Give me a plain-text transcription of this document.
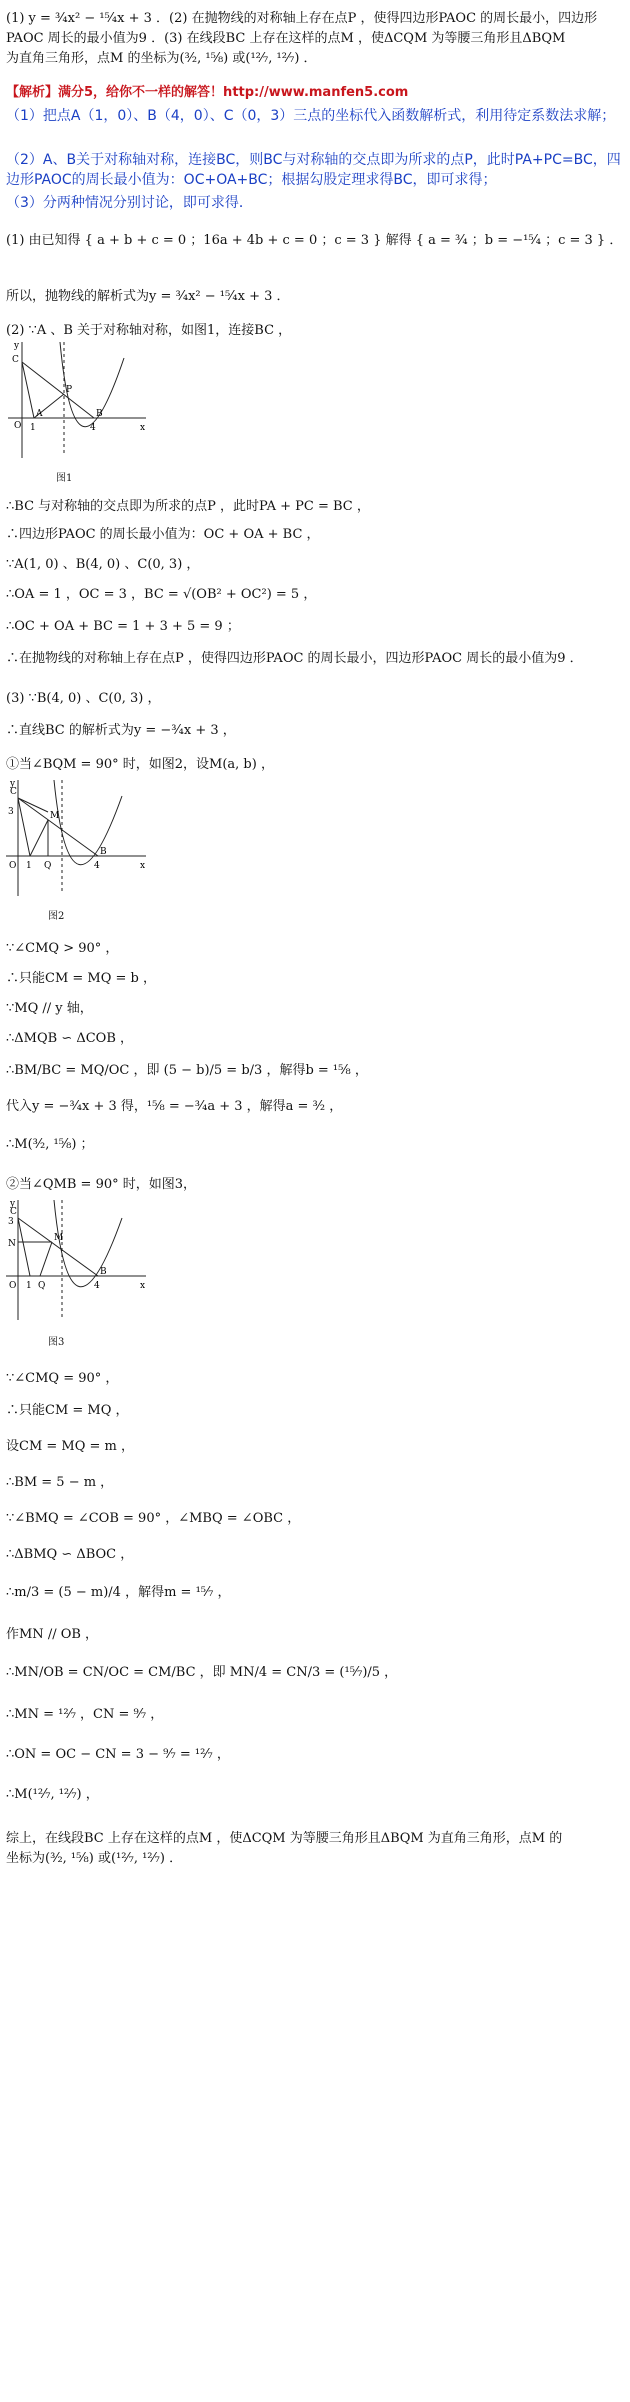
(1) y = ³⁄₄x² − ¹⁵⁄₄x + 3 ．(2) 在抛物线的对称轴上存在点P ，使得四边形PAOC 的周长最小，四边形
PAOC 周长的最小值为9 ．(3) 在线段BC 上存在这样的点M ，使ΔCQM 为等腰三角形且ΔBQM
为直角三角形，点M 的坐标为(³⁄₂, ¹⁵⁄₈) 或(¹²⁄₇, ¹²⁄₇) ．
【解析】满分5，给你不一样的解答！http://www.manfen5.com
（1）把点A（1，0）、B（4，0）、C（0，3）三点的坐标代入函数解析式，利用待定系数法求解；
（2）A、B关于对称轴对称，连接BC，则BC与对称轴的交点即为所求的点P，此时PA+PC=BC，四边形PAOC的周长最小值为：OC+OA+BC；根据勾股定理求得BC，即可求得；
（3）分两种情况分别讨论，即可求得．
(1) 由已知得 { a + b + c = 0 ；16a + 4b + c = 0 ；c = 3 } 解得 { a = ³⁄₄ ；b = −¹⁵⁄₄ ；c = 3 } ．
所以，抛物线的解析式为y = ³⁄₄x² − ¹⁵⁄₄x + 3 ．
(2) ∵A 、B 关于对称轴对称，如图1，连接BC ，
y
x
O
A
1
B
4
C
P
图1
∴BC 与对称轴的交点即为所求的点P ，此时PA + PC = BC ，
∴四边形PAOC 的周长最小值为：OC + OA + BC ，
∵A(1, 0) 、B(4, 0) 、C(0, 3) ，
∴OA = 1 ，OC = 3 ，BC = √(OB² + OC²) = 5 ，
∴OC + OA + BC = 1 + 3 + 5 = 9 ；
∴在抛物线的对称轴上存在点P ，使得四边形PAOC 的周长最小，四边形PAOC 周长的最小值为9 ．
(3) ∵B(4, 0) 、C(0, 3) ，
∴直线BC 的解析式为y = −³⁄₄x + 3 ，
①当∠BQM = 90° 时，如图2，设M(a, b) ，
y
x
O
3
C
1
M
Q
B
4
图2
∵∠CMQ > 90° ，
∴只能CM = MQ = b ，
∵MQ // y 轴，
∴ΔMQB ∽ ΔCOB ，
∴BM/BC = MQ/OC ，即 (5 − b)/5 = b/3 ，解得b = ¹⁵⁄₈ ，
代入y = −³⁄₄x + 3 得，¹⁵⁄₈ = −³⁄₄a + 3 ，解得a = ³⁄₂ ，
∴M(³⁄₂, ¹⁵⁄₈) ；
②当∠QMB = 90° 时，如图3，
y
x
O
3
C
N
M
1 Q
B
4
图3
∵∠CMQ = 90° ，
∴只能CM = MQ ，
设CM = MQ = m ，
∴BM = 5 − m ，
∵∠BMQ = ∠COB = 90° ，∠MBQ = ∠OBC ，
∴ΔBMQ ∽ ΔBOC ，
∴m/3 = (5 − m)/4 ，解得m = ¹⁵⁄₇ ，
作MN // OB ，
∴MN/OB = CN/OC = CM/BC ，即 MN/4 = CN/3 = (¹⁵⁄₇)/5 ，
∴MN = ¹²⁄₇ ，CN = ⁹⁄₇ ，
∴ON = OC − CN = 3 − ⁹⁄₇ = ¹²⁄₇ ，
∴M(¹²⁄₇, ¹²⁄₇) ，
综上，在线段BC 上存在这样的点M ，使ΔCQM 为等腰三角形且ΔBQM 为直角三角形，点M 的
坐标为(³⁄₂, ¹⁵⁄₈) 或(¹²⁄₇, ¹²⁄₇) ．
